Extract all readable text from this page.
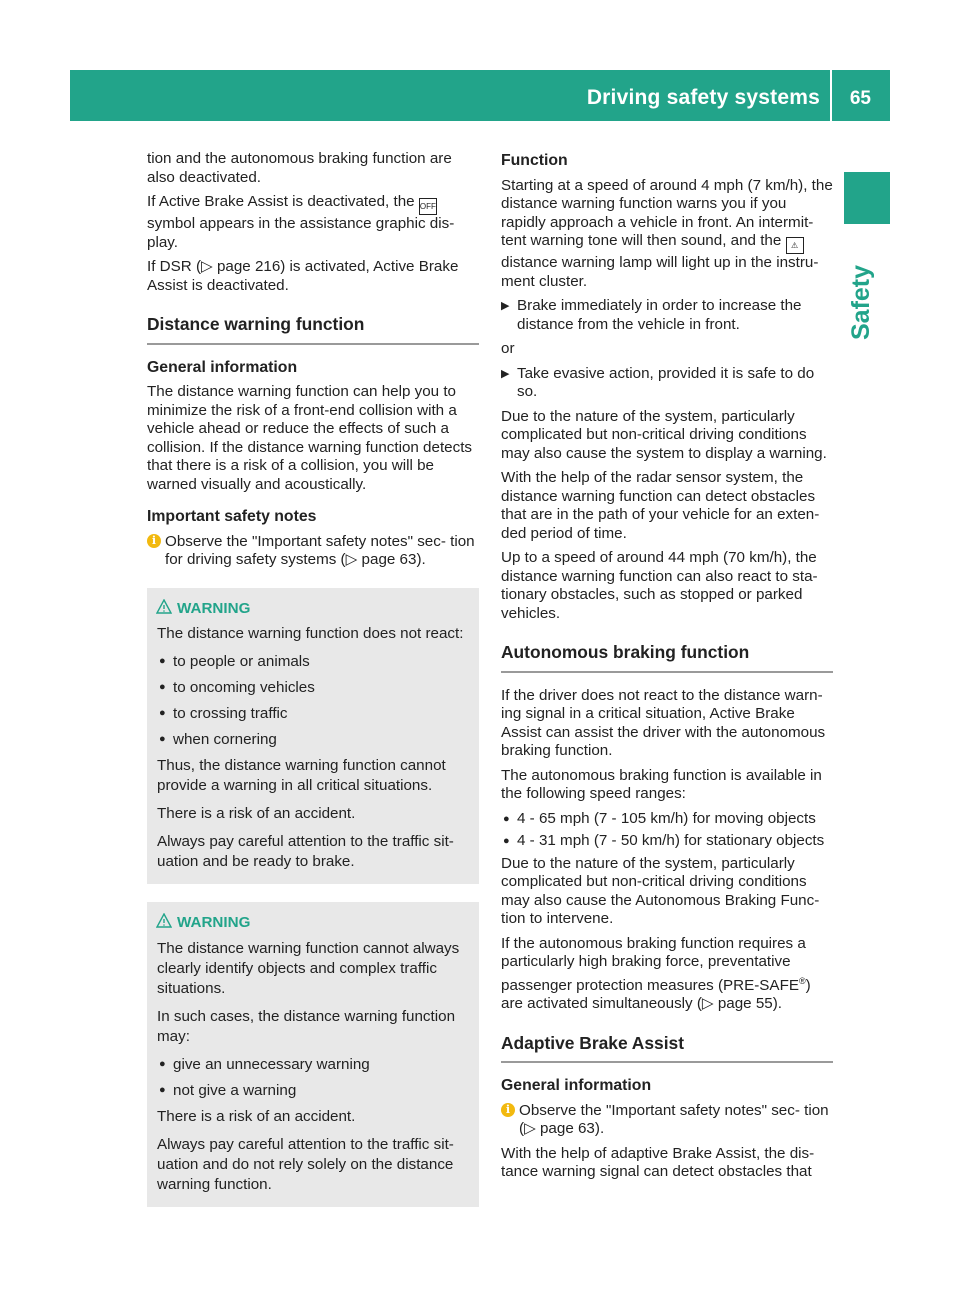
Driving safety systems 65
Safety

tion and the autonomous braking function are also deactivated.

If Active Brake Assist is deactivated, the OFF symbol appears in the assistance graphic dis- play.

If DSR (▷ page 216) is activated, Active Brake Assist is deactivated.

Distance warning function
General information

The distance warning function can help you to minimize the risk of a front-end collision with a vehicle ahead or reduce the effects of such a collision. If the distance warning function detects that there is a risk of a collision, you will be warned visually and acoustically.

Important safety notes
i Observe the "Important safety notes" sec- tion for driving safety systems (▷ page 63).
WARNING

The distance warning function does not react:

● to people or animals
● to oncoming vehicles
● to crossing traffic
● when cornering

Thus, the distance warning function cannot provide a warning in all critical situations.

There is a risk of an accident.

Always pay careful attention to the traffic sit- uation and be ready to brake.

WARNING

The distance warning function cannot always clearly identify objects and complex traffic situations.

In such cases, the distance warning function may:

● give an unnecessary warning
● not give a warning

There is a risk of an accident.

Always pay careful attention to the traffic sit- uation and do not rely solely on the distance warning function.

Function

Starting at a speed of around 4 mph (7 km/h), the distance warning function warns you if you rapidly approach a vehicle in front. An intermit- tent warning tone will then sound, and the ⚠ distance warning lamp will light up in the instru- ment cluster.

▶ Brake immediately in order to increase the distance from the vehicle in front.

or

▶ Take evasive action, provided it is safe to do so.

Due to the nature of the system, particularly complicated but non-critical driving conditions may also cause the system to display a warning.

With the help of the radar sensor system, the distance warning function can detect obstacles that are in the path of your vehicle for an exten- ded period of time.

Up to a speed of around 44 mph (70 km/h), the distance warning function can also react to sta- tionary obstacles, such as stopped or parked vehicles.

Autonomous braking function

If the driver does not react to the distance warn- ing signal in a critical situation, Active Brake Assist can assist the driver with the autonomous braking function.

The autonomous braking function is available in the following speed ranges:

● 4 - 65 mph (7 - 105 km/h) for moving objects
● 4 - 31 mph (7 - 50 km/h) for stationary objects

Due to the nature of the system, particularly complicated but non-critical driving conditions may also cause the Autonomous Braking Func- tion to intervene.

If the autonomous braking function requires a particularly high braking force, preventative passenger protection measures (PRE-SAFE®) are activated simultaneously (▷ page 55).

Adaptive Brake Assist
General information
i Observe the "Important safety notes" sec- tion (▷ page 63).

With the help of adaptive Brake Assist, the dis- tance warning signal can detect obstacles that
